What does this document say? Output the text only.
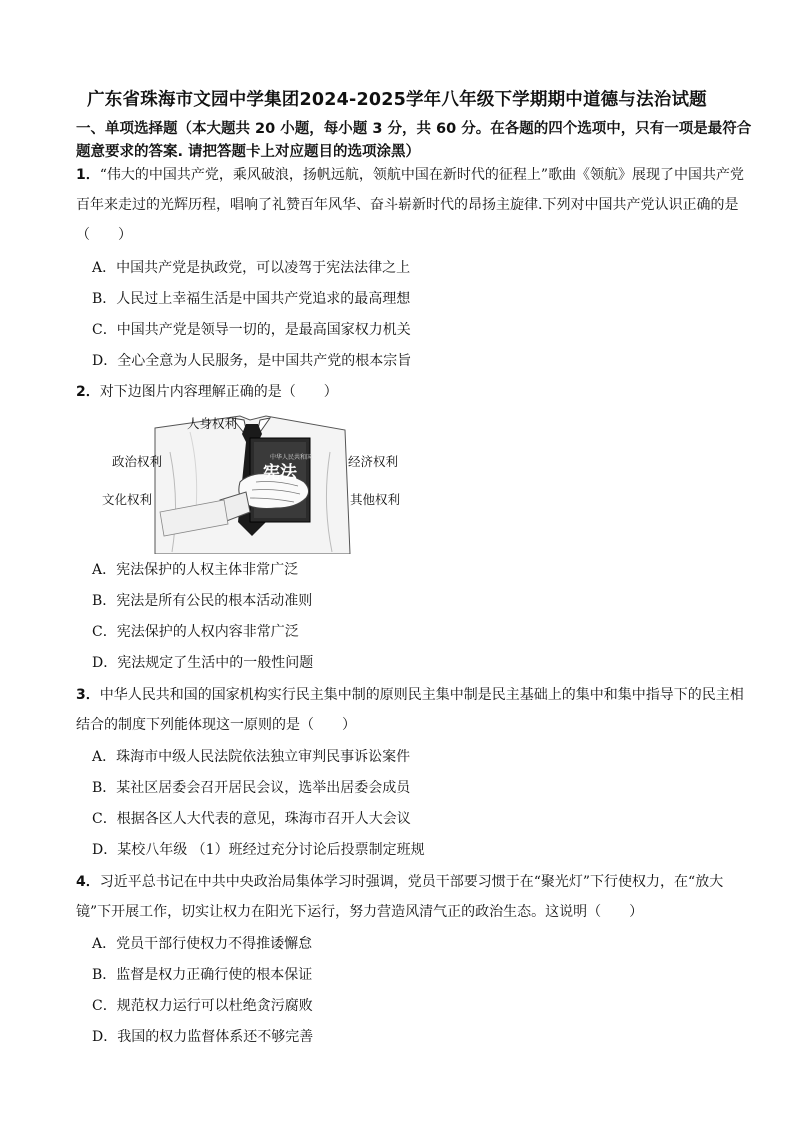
广东省珠海市文园中学集团2024-2025学年八年级下学期期中道德与法治试题
一、单项选择题（本大题共 20 小题，每小题 3 分，共 60 分。在各题的四个选项中，只有一项是最符合题意要求的答案. 请把答题卡上对应题目的选项涂黑）
1．“伟大的中国共产党，乘风破浪，扬帆远航，领航中国在新时代的征程上”歌曲《领航》展现了中国共产党百年来走过的光辉历程，唱响了礼赞百年风华、奋斗崭新时代的昂扬主旋律.下列对中国共产党认识正确的是（　　）
A．中国共产党是执政党，可以凌驾于宪法法律之上
B．人民过上幸福生活是中国共产党追求的最高理想
C．中国共产党是领导一切的，是最高国家权力机关
D．全心全意为人民服务，是中国共产党的根本宗旨
2．对下边图片内容理解正确的是（　　）
中华人民共和国
宪法
人身权利
政治权利	经济权利
文化权利	其他权利
A．宪法保护的人权主体非常广泛
B．宪法是所有公民的根本活动准则
C．宪法保护的人权内容非常广泛
D．宪法规定了生活中的一般性问题
3．中华人民共和国的国家机构实行民主集中制的原则民主集中制是民主基础上的集中和集中指导下的民主相结合的制度下列能体现这一原则的是（　　）
A．珠海市中级人民法院依法独立审判民事诉讼案件
B．某社区居委会召开居民会议，选举出居委会成员
C．根据各区人大代表的意见，珠海市召开人大会议
D．某校八年级 （1）班经过充分讨论后投票制定班规
4．习近平总书记在中共中央政治局集体学习时强调，党员干部要习惯于在“聚光灯”下行使权力，在“放大镜”下开展工作，切实让权力在阳光下运行，努力营造风清气正的政治生态。这说明（　　）
A．党员干部行使权力不得推诿懈怠
B．监督是权力正确行使的根本保证
C．规范权力运行可以杜绝贪污腐败
D．我国的权力监督体系还不够完善
